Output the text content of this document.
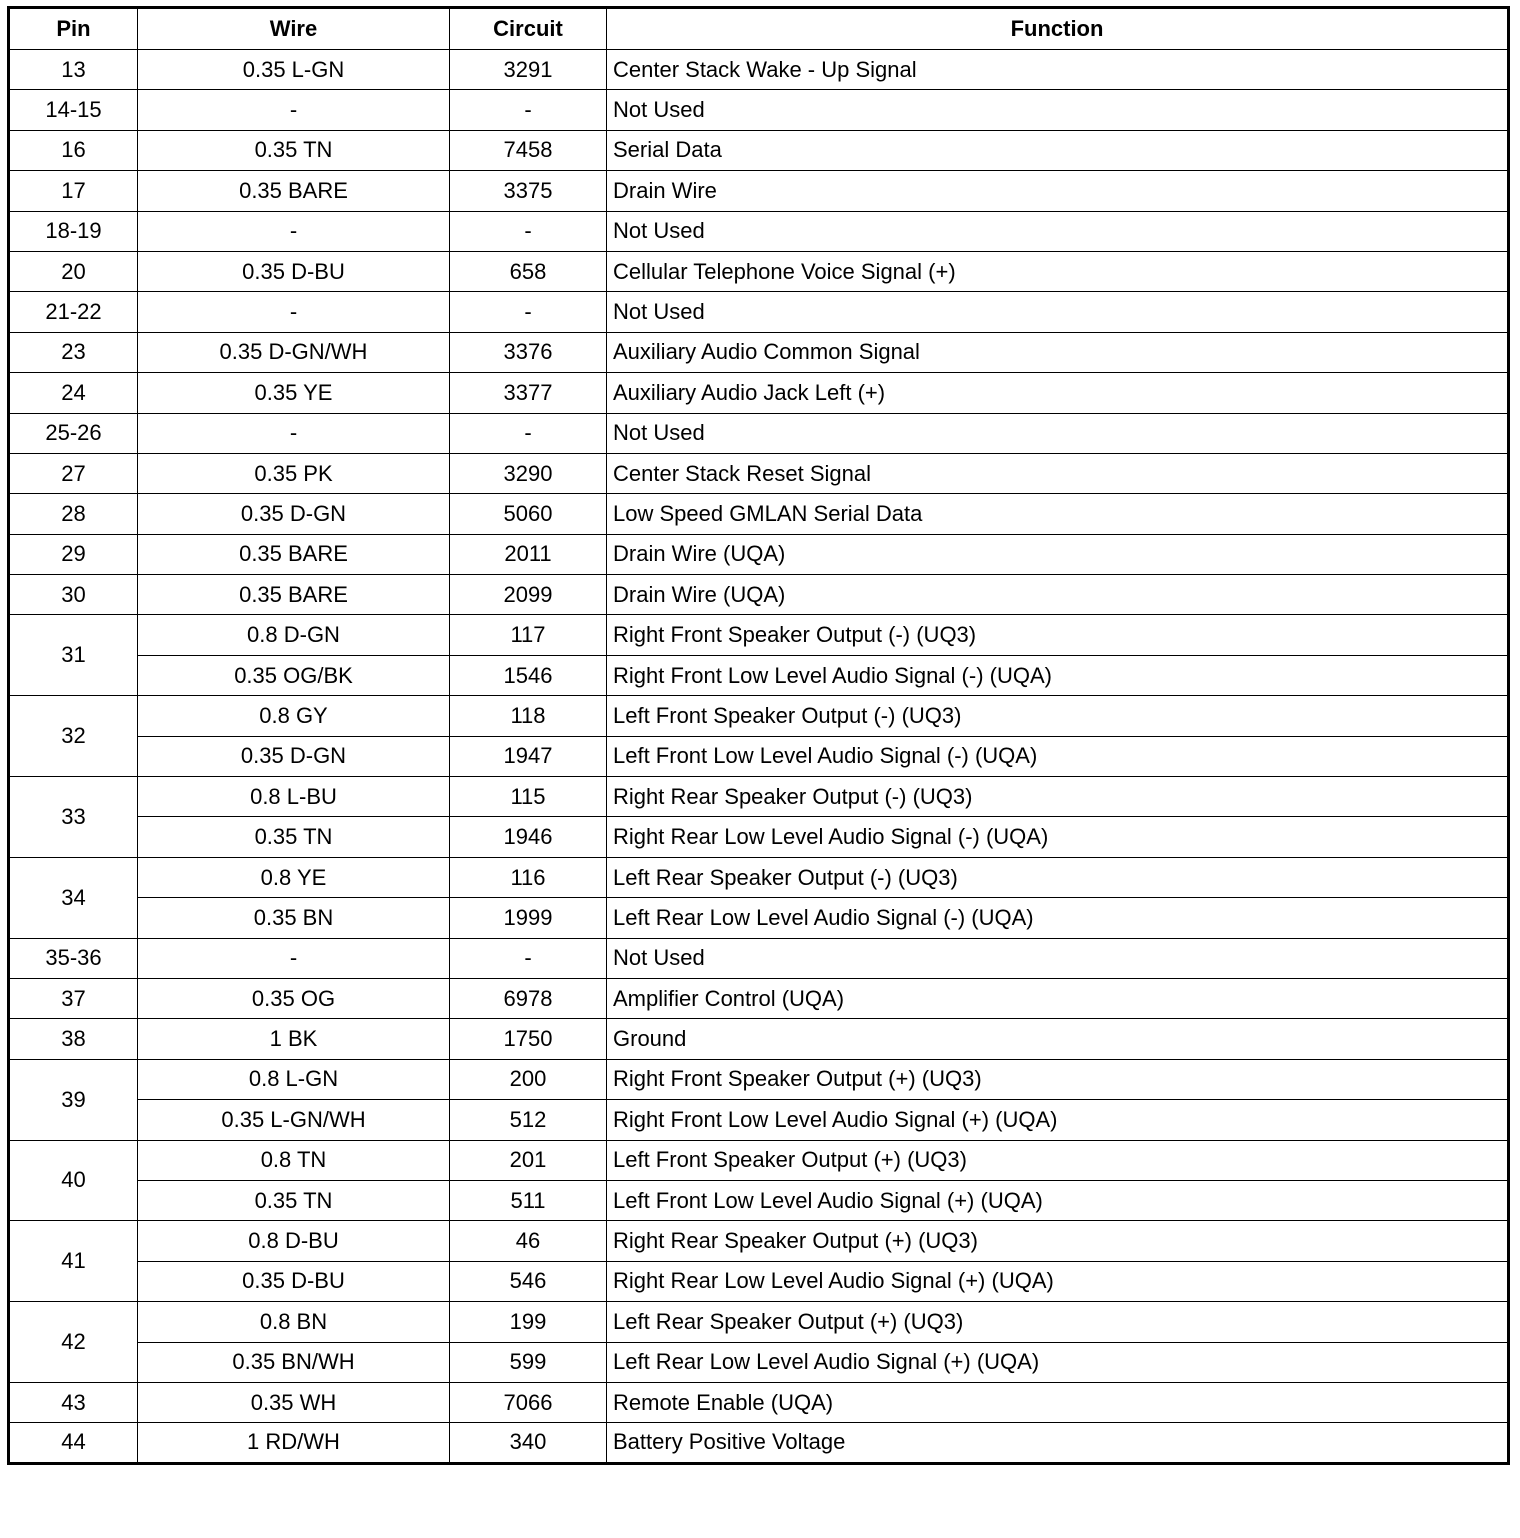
Pin	Wire	Circuit	Function
13	0.35 L-GN	3291	Center Stack Wake - Up Signal
14-15	-	-	Not Used
16	0.35 TN	7458	Serial Data
17	0.35 BARE	3375	Drain Wire
18-19	-	-	Not Used
20	0.35 D-BU	658	Cellular Telephone Voice Signal (+)
21-22	-	-	Not Used
23	0.35 D-GN/WH	3376	Auxiliary Audio Common Signal
24	0.35 YE	3377	Auxiliary Audio Jack Left (+)
25-26	-	-	Not Used
27	0.35 PK	3290	Center Stack Reset Signal
28	0.35 D-GN	5060	Low Speed GMLAN Serial Data
29	0.35 BARE	2011	Drain Wire (UQA)
30	0.35 BARE	2099	Drain Wire (UQA)
31	0.8 D-GN	117	Right Front Speaker Output (-) (UQ3)
	0.35 OG/BK	1546	Right Front Low Level Audio Signal (-) (UQA)
32	0.8 GY	118	Left Front Speaker Output (-) (UQ3)
	0.35 D-GN	1947	Left Front Low Level Audio Signal (-) (UQA)
33	0.8 L-BU	115	Right Rear Speaker Output (-) (UQ3)
	0.35 TN	1946	Right Rear Low Level Audio Signal (-) (UQA)
34	0.8 YE	116	Left Rear Speaker Output (-) (UQ3)
	0.35 BN	1999	Left Rear Low Level Audio Signal (-) (UQA)
35-36	-	-	Not Used
37	0.35 OG	6978	Amplifier Control (UQA)
38	1 BK	1750	Ground
39	0.8 L-GN	200	Right Front Speaker Output (+) (UQ3)
	0.35 L-GN/WH	512	Right Front Low Level Audio Signal (+) (UQA)
40	0.8 TN	201	Left Front Speaker Output (+) (UQ3)
	0.35 TN	511	Left Front Low Level Audio Signal (+) (UQA)
41	0.8 D-BU	46	Right Rear Speaker Output (+) (UQ3)
	0.35 D-BU	546	Right Rear Low Level Audio Signal (+) (UQA)
42	0.8 BN	199	Left Rear Speaker Output (+) (UQ3)
	0.35 BN/WH	599	Left Rear Low Level Audio Signal (+) (UQA)
43	0.35 WH	7066	Remote Enable (UQA)
44	1 RD/WH	340	Battery Positive Voltage
